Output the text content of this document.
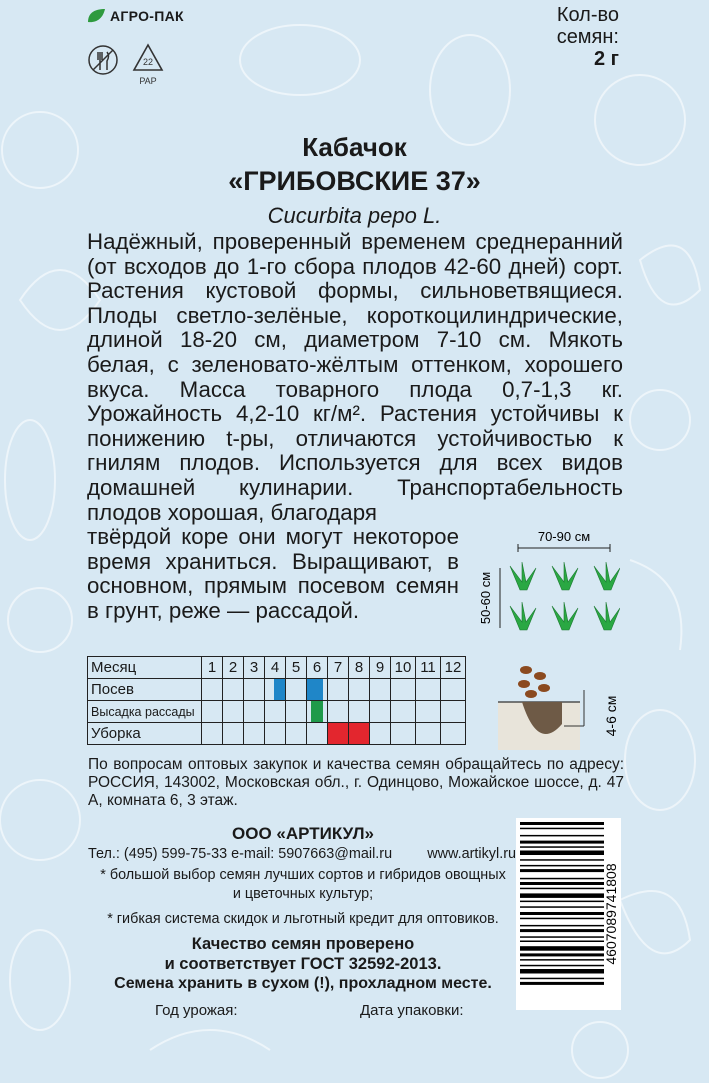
АГРО-ПАК
22
PAP
Кол-во
семян:
2 г
Кабачок
«ГРИБОВСКИЕ 37»
Cucurbita pepo L.

Надёжный, проверенный временем среднеранний (от всходов до 1-го сбора плодов 42-60 дней) сорт. Растения кустовой формы, сильноветвящиеся. Плоды светло-зелёные, короткоцилиндрические, длиной 18-20 см, диаметром 7-10 см. Мякоть белая, с зеленовато-жёлтым оттенком, хорошего вкуса. Масса товарного плода 0,7-1,3 кг. Урожайность 4,2-10 кг/м². Растения устойчивы к понижению t-ры, отличаются устойчивостью к гнилям плодов. Используется для всех видов домашней кулинарии. Транспортабельность плодов хорошая, благодаря

твёрдой коре они могут некоторое время храниться. Выращивают, в основном, прямым посевом семян в грунт, реже — рассадой.

70-90 см
50-60 см
Месяц	1	2	3	4	5	6	7	8	9	10	11	12
Посев				

Высадка рассады						

Уборка							

					4-6 см
По вопросам оптовых закупок и качества семян обращайтесь по адресу: РОССИЯ, 143002, Московская обл., г. Одинцово, Можайское шоссе, д. 47 А, комната 6, 3 этаж.
ООО «АРТИКУЛ»
Тел.: (495) 599-75-33 e-mail: 5907663@mail.ru www.artikyl.ru
* большой выбор семян лучших сортов и гибридов овощных
и цветочных культур;
* гибкая система скидок и льготный кредит для оптовиков.
Качество семян проверено
и соответствует ГОСТ 32592-2013.
Семена хранить в сухом (!), прохладном месте.
Год урожая:	Дата упаковки:
4607089741808
